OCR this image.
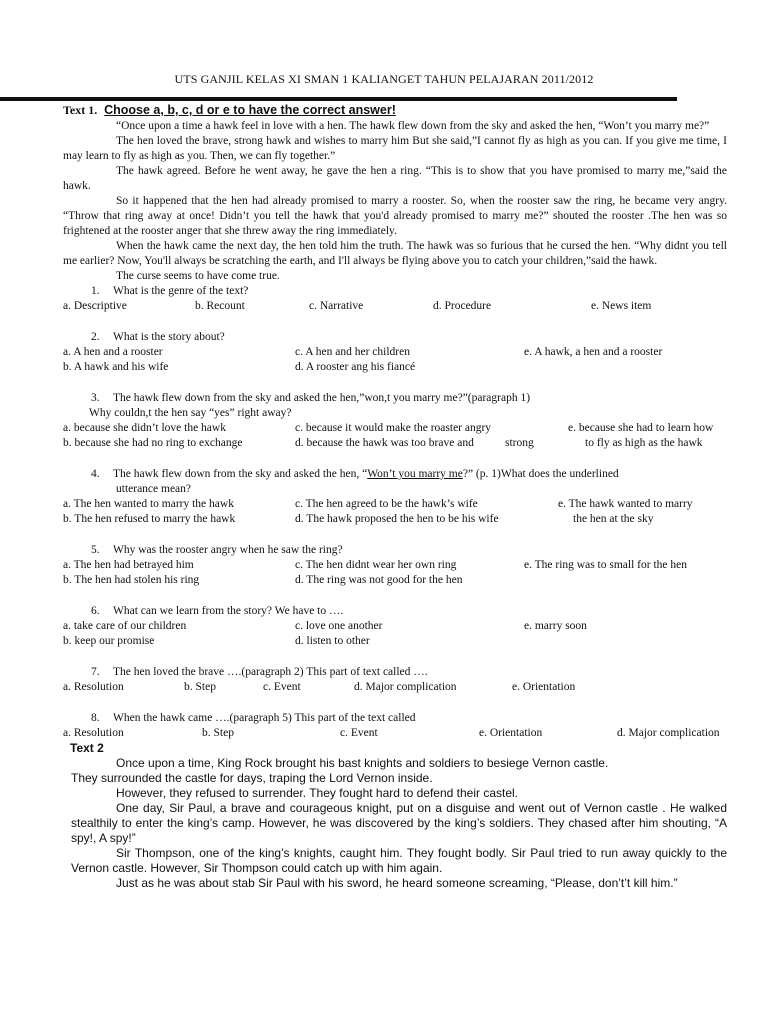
UTS GANJIL KELAS XI SMAN 1 KALIANGET TAHUN PELAJARAN 2011/2012

Text 1. Choose a, b, c, d or e to have the correct answer!

“Once upon a time a hawk feel in love with a hen. The hawk flew down from the sky and asked the hen, “Won’t you marry me?”

The hen loved the brave, strong hawk and wishes to marry him But she said,”I cannot fly as high as you can. If you give me time, I may learn to fly as high as you. Then, we can fly together.”

The hawk agreed. Before he went away, he gave the hen a ring. “This is to show that you have promised to marry me,”said the hawk.

So it happened that the hen had already promised to marry a rooster. So, when the rooster saw the ring, he became very angry. “Throw that ring away at once! Didn’t you tell the hawk that you'd already promised to marry me?” shouted the rooster .The hen was so frightened at the rooster anger that she threw away the ring immediately.

When the hawk came the next day, the hen told him the truth. The hawk was so furious that he cursed the hen. “Why didnt you tell me earlier? Now, You'll always be scratching the earth, and I'll always be flying above you to catch your children,”said the hawk.

The curse seems to have come true.

1. What is the genre of the text?

a. Descriptive	b. Recount	c. Narrative	d. Procedure	e. News item

2. What is the story about?

a. A hen and a rooster	c. A hen and her children	e. A hawk, a hen and a rooster
b. A hawk and his wife	d. A rooster ang his fiancé

3. The hawk flew down from the sky and asked the hen,”won,t you marry me?”(paragraph 1)

Why couldn,t the hen say “yes” right away?

a. because she didn’t love the hawk	c. because it would make the roaster angry	e. because she had to learn how
b. because she had no ring to exchange	d. because the hawk was too brave and	strong	to fly as high as the hawk

4. The hawk flew down from the sky and asked the hen, “Won’t you marry me?” (p. 1)What does the underlined

utterance mean?

a. The hen wanted to marry the hawk	c. The hen agreed to be the hawk’s wife	e. The hawk wanted to marry
b. The hen refused to marry the hawk	d. The hawk proposed the hen to be his wife	the hen at the sky

5. Why was the rooster angry when he saw the ring?

a. The hen had betrayed him	c. The hen didnt wear her own ring	e. The ring was to small for the hen
b. The hen had stolen his ring	d. The ring was not good for the hen

6. What can we learn from the story? We have to ….

a. take care of our children	c. love one another	e. marry soon
b. keep our promise	d. listen to other

7. The hen loved the brave ….(paragraph 2) This part of text called ….

a. Resolution	b. Step	c. Event	d. Major complication	e. Orientation

8. When the hawk came ….(paragraph 5) This part of the text called

a. Resolution	b. Step	c. Event	e. Orientation	d. Major complication

Text 2

Once upon a time, King Rock brought his bast knights and soldiers to besiege Vernon castle.

They surrounded the castle for days, traping the Lord Vernon inside.

However, they refused to surrender. They fought hard to defend their castel.

One day, Sir Paul, a brave and courageous knight, put on a disguise and went out of Vernon castle . He walked stealthily to enter the king’s camp. However, he was discovered by the king’s soldiers. They chased after him shouting, “A spy!, A spy!”

Sir Thompson, one of the king’s knights, caught him. They fought bodly. Sir Paul tried to run away quickly to the Vernon castle. However, Sir Thompson could catch up with him again.

Just as he was about stab Sir Paul with his sword, he heard someone screaming, “Please, don’t’t kill him.”
